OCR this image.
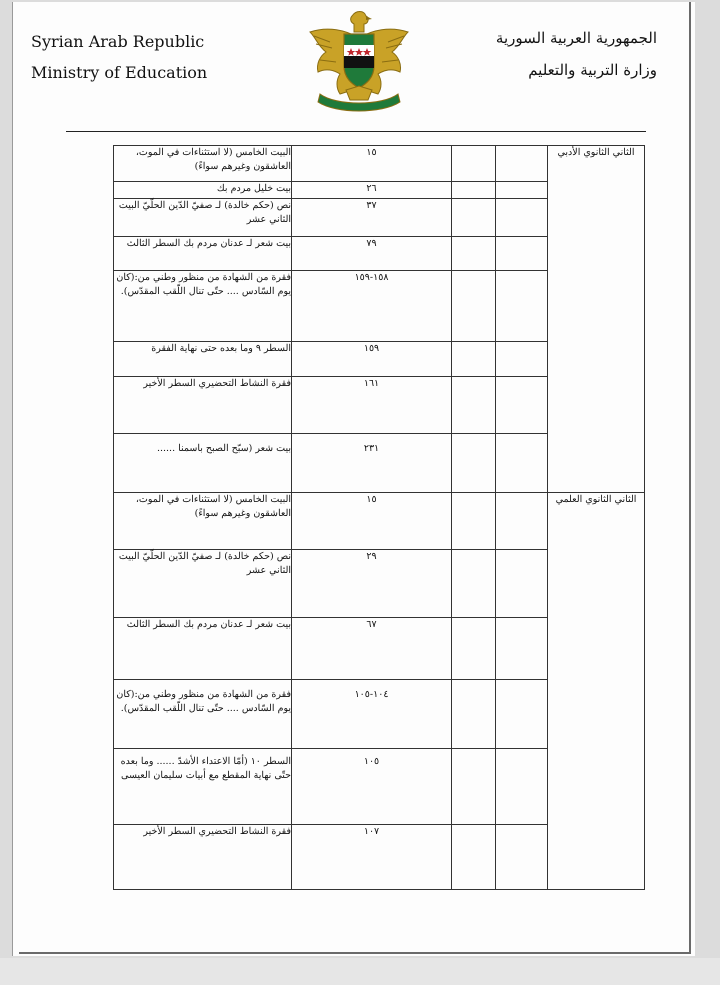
Syrian Arab Republic
Ministry of Education
الجمهورية العربية السورية
وزارة التربية والتعليم
البيت الخامس (لا استثناءات في الموت، العاشقون وغيرهم سواءً)	١٥			الثاني الثانوي الأدبي
بيت خليل مردم بك	٢٦			
نص (حكم خالدة) لـ صفيّ الدّين الحلّيّ البيت الثاني عشر	٣٧			
بيت شعر لـ عدنان مردم بك السطر الثالث	٧٩			
فقرة من الشهادة من منظور وطني من:(كان يوم السّادس .... حتّى تنال اللّقب المقدّس).	١٥٨-١٥٩			
السطر ٩ وما بعده حتى نهاية الفقرة	١٥٩			
فقرة النشاط التحضيري السطر الأخير	١٦١			
بيت شعر (سبّح الصبح باسمنا ......	٢٣١			
البيت الخامس (لا استثناءات في الموت، العاشقون وغيرهم سواءً)	١٥			الثاني الثانوي العلمي
نص (حكم خالدة) لـ صفيّ الدّين الحلّيّ البيت الثاني عشر	٢٩			
بيت شعر لـ عدنان مردم بك السطر الثالث	٦٧			
فقرة من الشهادة من منظور وطني من:(كان يوم السّادس .... حتّى تنال اللّقب المقدّس).	١٠٤-١٠٥			
السطر ١٠ (أمّا الاعتداء الأشدّ ...... وما بعده حتّى نهاية المقطع مع أبيات سليمان العيسى	١٠٥			
فقرة النشاط التحضيري السطر الأخير	١٠٧			
